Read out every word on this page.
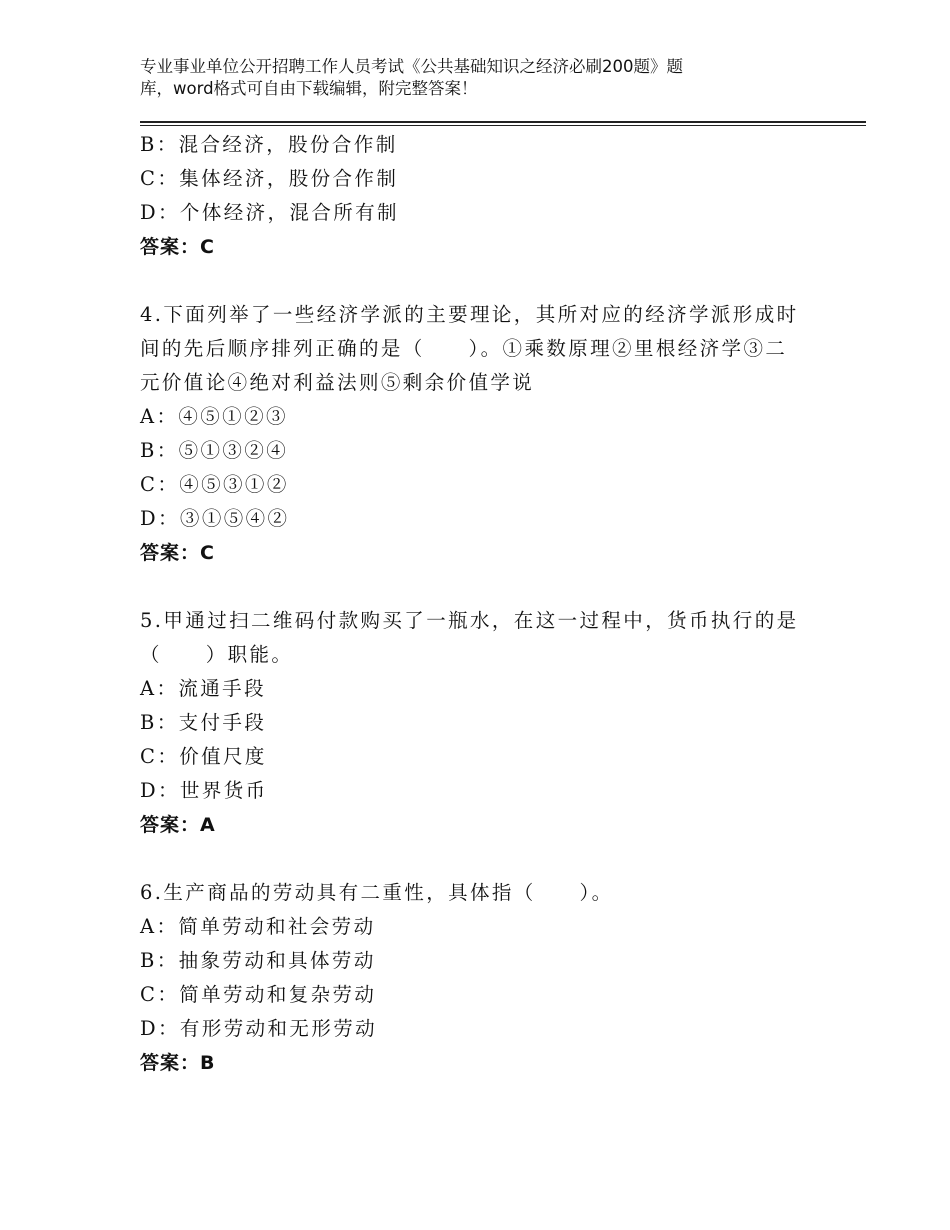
专业事业单位公开招聘工作人员考试《公共基础知识之经济必刷200题》题
库，word格式可自由下载编辑，附完整答案！
B：混合经济，股份合作制
C：集体经济，股份合作制
D：个体经济，混合所有制
答案：C
4.下面列举了一些经济学派的主要理论，其所对应的经济学派形成时
间的先后顺序排列正确的是（　　）。①乘数原理②里根经济学③二
元价值论④绝对利益法则⑤剩余价值学说
A：④⑤①②③
B：⑤①③②④
C：④⑤③①②
D：③①⑤④②
答案：C
5.甲通过扫二维码付款购买了一瓶水，在这一过程中，货币执行的是
（　　）职能。
A：流通手段
B：支付手段
C：价值尺度
D：世界货币
答案：A
6.生产商品的劳动具有二重性，具体指（　　）。
A：简单劳动和社会劳动
B：抽象劳动和具体劳动
C：简单劳动和复杂劳动
D：有形劳动和无形劳动
答案：B
